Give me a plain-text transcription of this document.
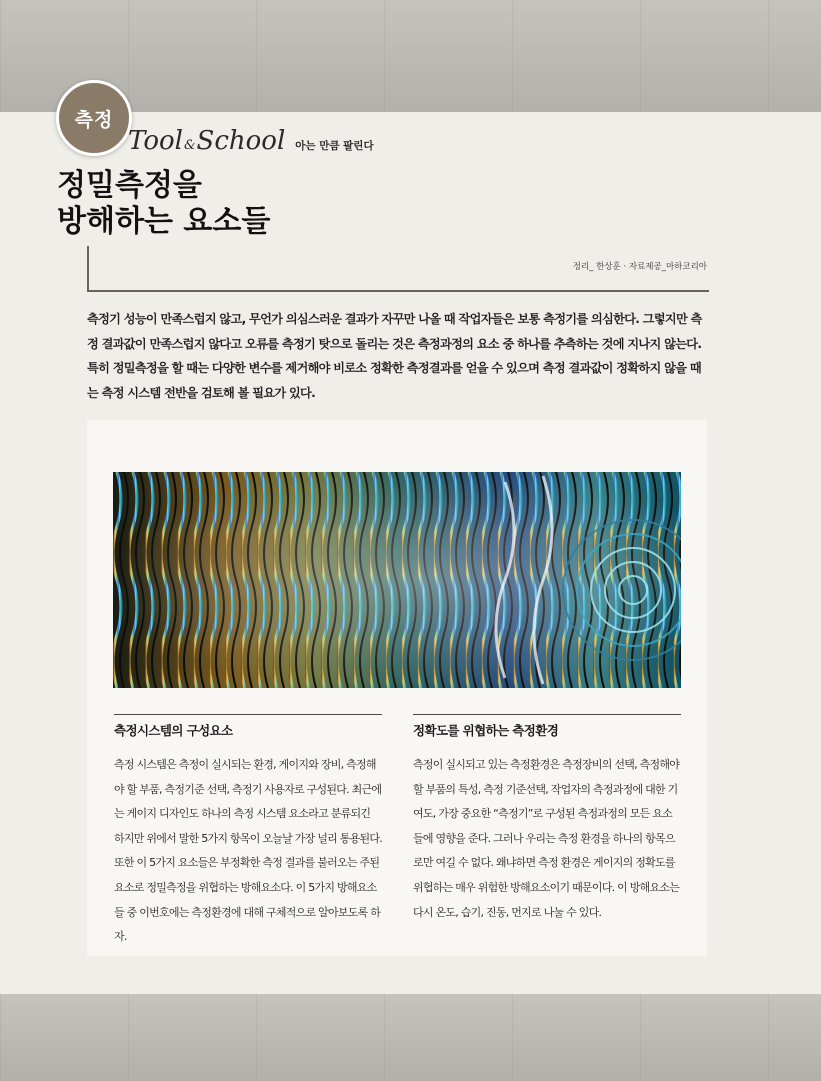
측정
Tool & School 아는 만큼 팔린다
정밀측정을
방해하는 요소들
정리_ 한상훈 · 자료제공_마하코리아
측정기 성능이 만족스럽지 않고, 무언가 의심스러운 결과가 자꾸만 나올 때 작업자들은 보통 측정기를 의심한다. 그렇지만 측정 결과값이 만족스럽지 않다고 오류를 측정기 탓으로 돌리는 것은 측정과정의 요소 중 하나를 추측하는 것에 지나지 않는다. 특히 정밀측정을 할 때는 다양한 변수를 제거해야 비로소 정확한 측정결과를 얻을 수 있으며 측정 결과값이 정확하지 않을 때는 측정 시스템 전반을 검토해 볼 필요가 있다.
측정시스템의 구성요소

측정 시스템은 측정이 실시되는 환경, 게이지와 장비, 측정해야 할 부품, 측정기준 선택, 측정기 사용자로 구성된다. 최근에는 게이지 디자인도 하나의 측정 시스템 요소라고 분류되긴 하지만 위에서 말한 5가지 항목이 오늘날 가장 널리 통용된다. 또한 이 5가지 요소들은 부정확한 측정 결과를 불러오는 주된 요소로 정밀측정을 위협하는 방해요소다. 이 5가지 방해요소들 중 이번호에는 측정환경에 대해 구체적으로 알아보도록 하자.

정확도를 위협하는 측정환경

측정이 실시되고 있는 측정환경은 측정장비의 선택, 측정해야 할 부품의 특성, 측정 기준선택, 작업자의 측정과정에 대한 기여도, 가장 중요한 “측정기”로 구성된 측정과정의 모든 요소들에 영향을 준다. 그러나 우리는 측정 환경을 하나의 항목으로만 여길 수 없다. 왜냐하면 측정 환경은 게이지의 정확도를 위협하는 매우 위험한 방해요소이기 때문이다. 이 방해요소는 다시 온도, 습기, 진동, 먼지로 나눌 수 있다.
